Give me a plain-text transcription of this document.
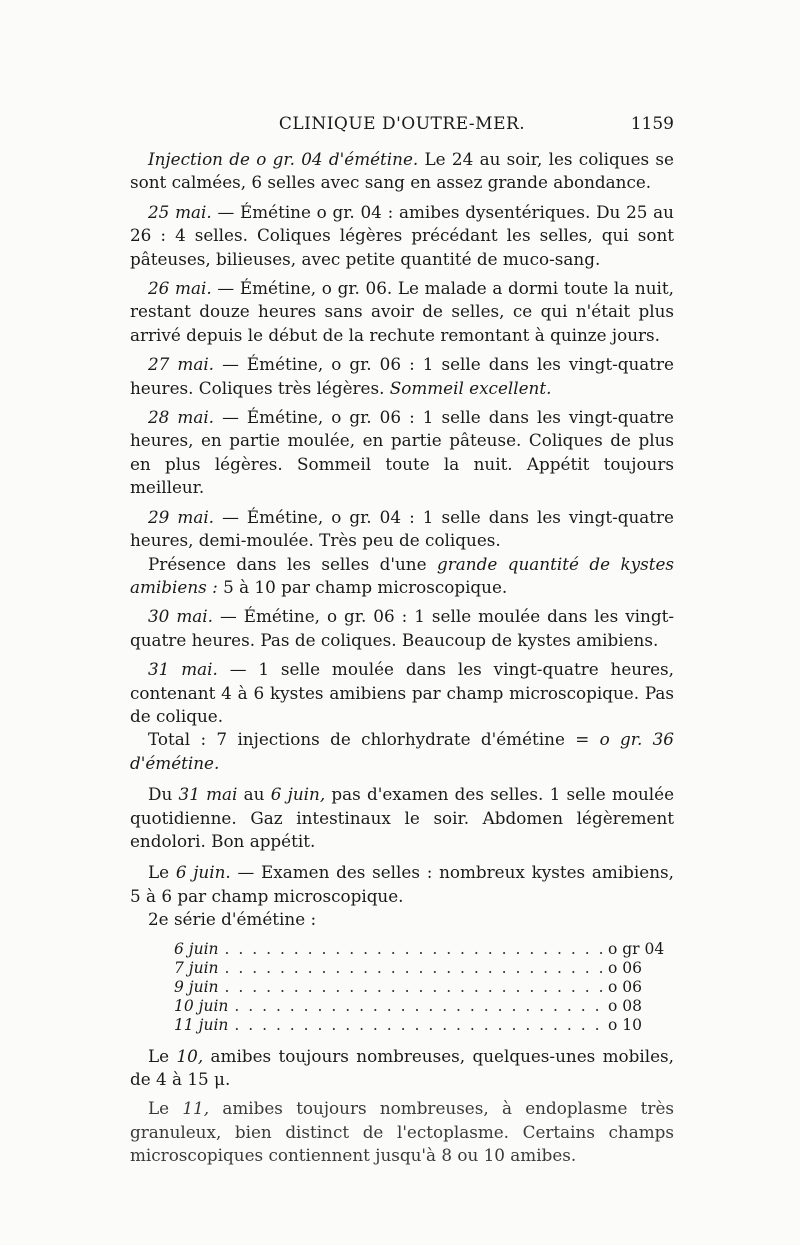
CLINIQUE D'OUTRE-MER.	1159

Injection de o gr. 04 d'émétine. Le 24 au soir, les coliques se sont calmées, 6 selles avec sang en assez grande abondance.

25 mai. — Émétine o gr. 04 : amibes dysentériques. Du 25 au 26 : 4 selles. Coliques légères précédant les selles, qui sont pâteuses, bilieuses, avec petite quantité de muco-sang.

26 mai. — Émétine, o gr. 06. Le malade a dormi toute la nuit, restant douze heures sans avoir de selles, ce qui n'était plus arrivé depuis le début de la rechute remontant à quinze jours.

27 mai. — Émétine, o gr. 06 : 1 selle dans les vingt-quatre heures. Coliques très légères. Sommeil excellent.

28 mai. — Émétine, o gr. 06 : 1 selle dans les vingt-quatre heures, en partie moulée, en partie pâteuse. Coliques de plus en plus légères. Sommeil toute la nuit. Appétit toujours meilleur.

29 mai. — Émétine, o gr. 04 : 1 selle dans les vingt-quatre heures, demi-moulée. Très peu de coliques.

Présence dans les selles d'une grande quantité de kystes amibiens : 5 à 10 par champ microscopique.

30 mai. — Émétine, o gr. 06 : 1 selle moulée dans les vingt-quatre heures. Pas de coliques. Beaucoup de kystes amibiens.

31 mai. — 1 selle moulée dans les vingt-quatre heures, contenant 4 à 6 kystes amibiens par champ microscopique. Pas de colique.

Total : 7 injections de chlorhydrate d'émétine = o gr. 36 d'émétine.

Du 31 mai au 6 juin, pas d'examen des selles. 1 selle moulée quotidienne. Gaz intestinaux le soir. Abdomen légèrement endolori. Bon appétit.

Le 6 juin. — Examen des selles : nombreux kystes amibiens, 5 à 6 par champ microscopique.

2e série d'émétine :

6 juin . . .	o gr 04
7 juin . . .	o 06
9 juin . . .	o 06
10 juin . . .	o 08
11 juin . . .	o 10

Le 10, amibes toujours nombreuses, quelques-unes mobiles, de 4 à 15 μ.

Le 11, amibes toujours nombreuses, à endoplasme très granuleux, bien distinct de l'ectoplasme. Certains champs microscopiques contiennent jusqu'à 8 ou 10 amibes.
